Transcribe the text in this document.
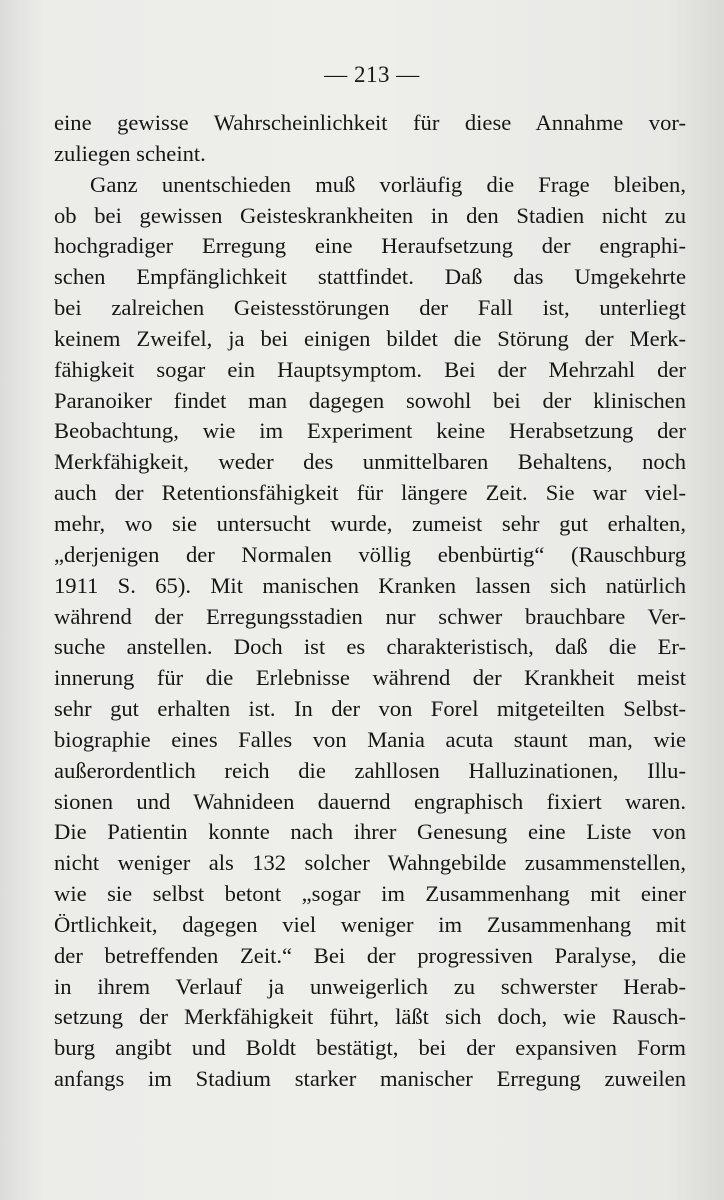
— 213 —
eine gewisse Wahrscheinlichkeit für diese Annahme vor-
zuliegen scheint.
Ganz unentschieden muß vorläufig die Frage bleiben,
ob bei gewissen Geisteskrankheiten in den Stadien nicht zu
hochgradiger Erregung eine Heraufsetzung der engraphi-
schen Empfänglichkeit stattfindet. Daß das Umgekehrte
bei zalreichen Geistesstörungen der Fall ist, unterliegt
keinem Zweifel, ja bei einigen bildet die Störung der Merk-
fähigkeit sogar ein Hauptsymptom. Bei der Mehrzahl der
Paranoiker findet man dagegen sowohl bei der klinischen
Beobachtung, wie im Experiment keine Herabsetzung der
Merkfähigkeit, weder des unmittelbaren Behaltens, noch
auch der Retentionsfähigkeit für längere Zeit. Sie war viel-
mehr, wo sie untersucht wurde, zumeist sehr gut erhalten,
„derjenigen der Normalen völlig ebenbürtig“ (Rauschburg
1911 S. 65). Mit manischen Kranken lassen sich natürlich
während der Erregungsstadien nur schwer brauchbare Ver-
suche anstellen. Doch ist es charakteristisch, daß die Er-
innerung für die Erlebnisse während der Krankheit meist
sehr gut erhalten ist. In der von Forel mitgeteilten Selbst-
biographie eines Falles von Mania acuta staunt man, wie
außerordentlich reich die zahllosen Halluzinationen, Illu-
sionen und Wahnideen dauernd engraphisch fixiert waren.
Die Patientin konnte nach ihrer Genesung eine Liste von
nicht weniger als 132 solcher Wahngebilde zusammenstellen,
wie sie selbst betont „sogar im Zusammenhang mit einer
Örtlichkeit, dagegen viel weniger im Zusammenhang mit
der betreffenden Zeit.“ Bei der progressiven Paralyse, die
in ihrem Verlauf ja unweigerlich zu schwerster Herab-
setzung der Merkfähigkeit führt, läßt sich doch, wie Rausch-
burg angibt und Boldt bestätigt, bei der expansiven Form
anfangs im Stadium starker manischer Erregung zuweilen
